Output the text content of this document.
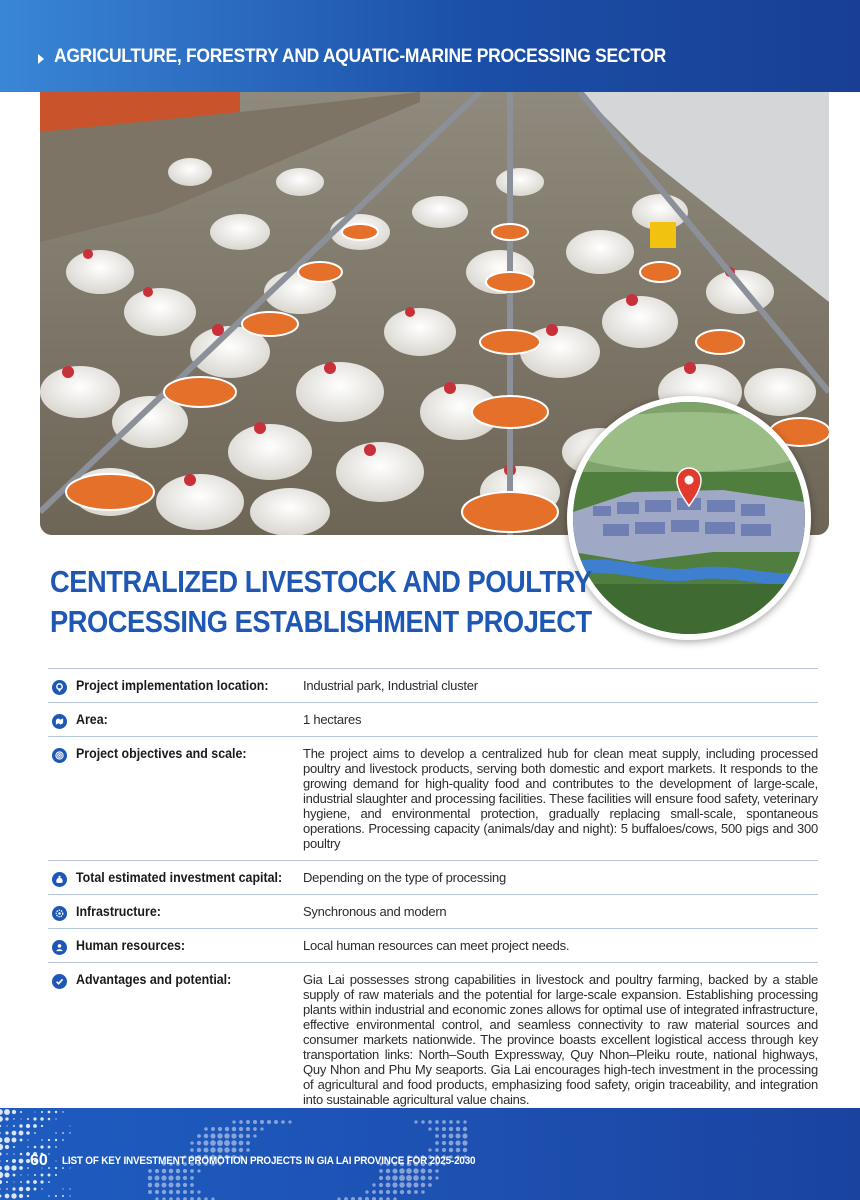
AGRICULTURE, FORESTRY AND AQUATIC-MARINE PROCESSING SECTOR
CENTRALIZED LIVESTOCK AND POULTRY
PROCESSING ESTABLISHMENT PROJECT
Project implementation location:	Industrial park, Industrial cluster
Area:	1 hectares
Project objectives and scale:	The project aims to develop a centralized hub for clean meat supply, including processed poultry and livestock products, serving both domestic and export markets. It responds to the growing demand for high-quality food and contributes to the development of large-scale, industrial slaughter and processing facilities. These facilities will ensure food safety, veterinary hygiene, and environmental protection, gradually replacing small-scale, spontaneous operations. Processing capacity (animals/day and night): 5 buffaloes/cows, 500 pigs and 300 poultry
Total estimated investment capital:	Depending on the type of processing
Infrastructure:	Synchronous and modern
Human resources:	Local human resources can meet project needs.
Advantages and potential:	Gia Lai possesses strong capabilities in livestock and poultry farming, backed by a stable supply of raw materials and the potential for large-scale expansion. Establishing processing plants within industrial and economic zones allows for optimal use of integrated infrastructure, effective environmental control, and seamless connectivity to raw material sources and consumer markets nationwide. The province boasts excellent logistical access through key transportation links: North–South Expressway, Quy Nhon–Pleiku route, national highways, Quy Nhon and Phu My seaports. Gia Lai encourages high-tech investment in the processing of agricultural and food products, emphasizing food safety, origin traceability, and integration into sustainable agricultural value chains.
60 LIST OF KEY INVESTMENT PROMOTION PROJECTS IN GIA LAI PROVINCE FOR 2025-2030
